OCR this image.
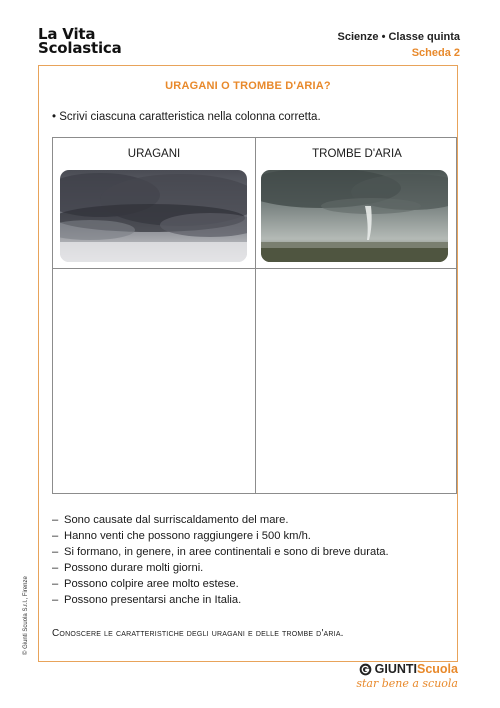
La Vita
Scolastica
Scienze • Classe quinta
Scheda 2
URAGANI O TROMBE D'ARIA?
• Scrivi ciascuna caratteristica nella colonna corretta.
URAGANI	TROMBE D'ARIA
– Sono causate dal surriscaldamento del mare.
– Hanno venti che possono raggiungere i 500 km/h.
– Si formano, in genere, in aree continentali e sono di breve durata.
– Possono durare molti giorni.
– Possono colpire aree molto estese.
– Possono presentarsi anche in Italia.
Conoscere le caratteristiche degli uragani e delle trombe d'aria.
© Giunti Scuola S.r.l., Firenze
GIUNTI Scuola
star bene a scuola
